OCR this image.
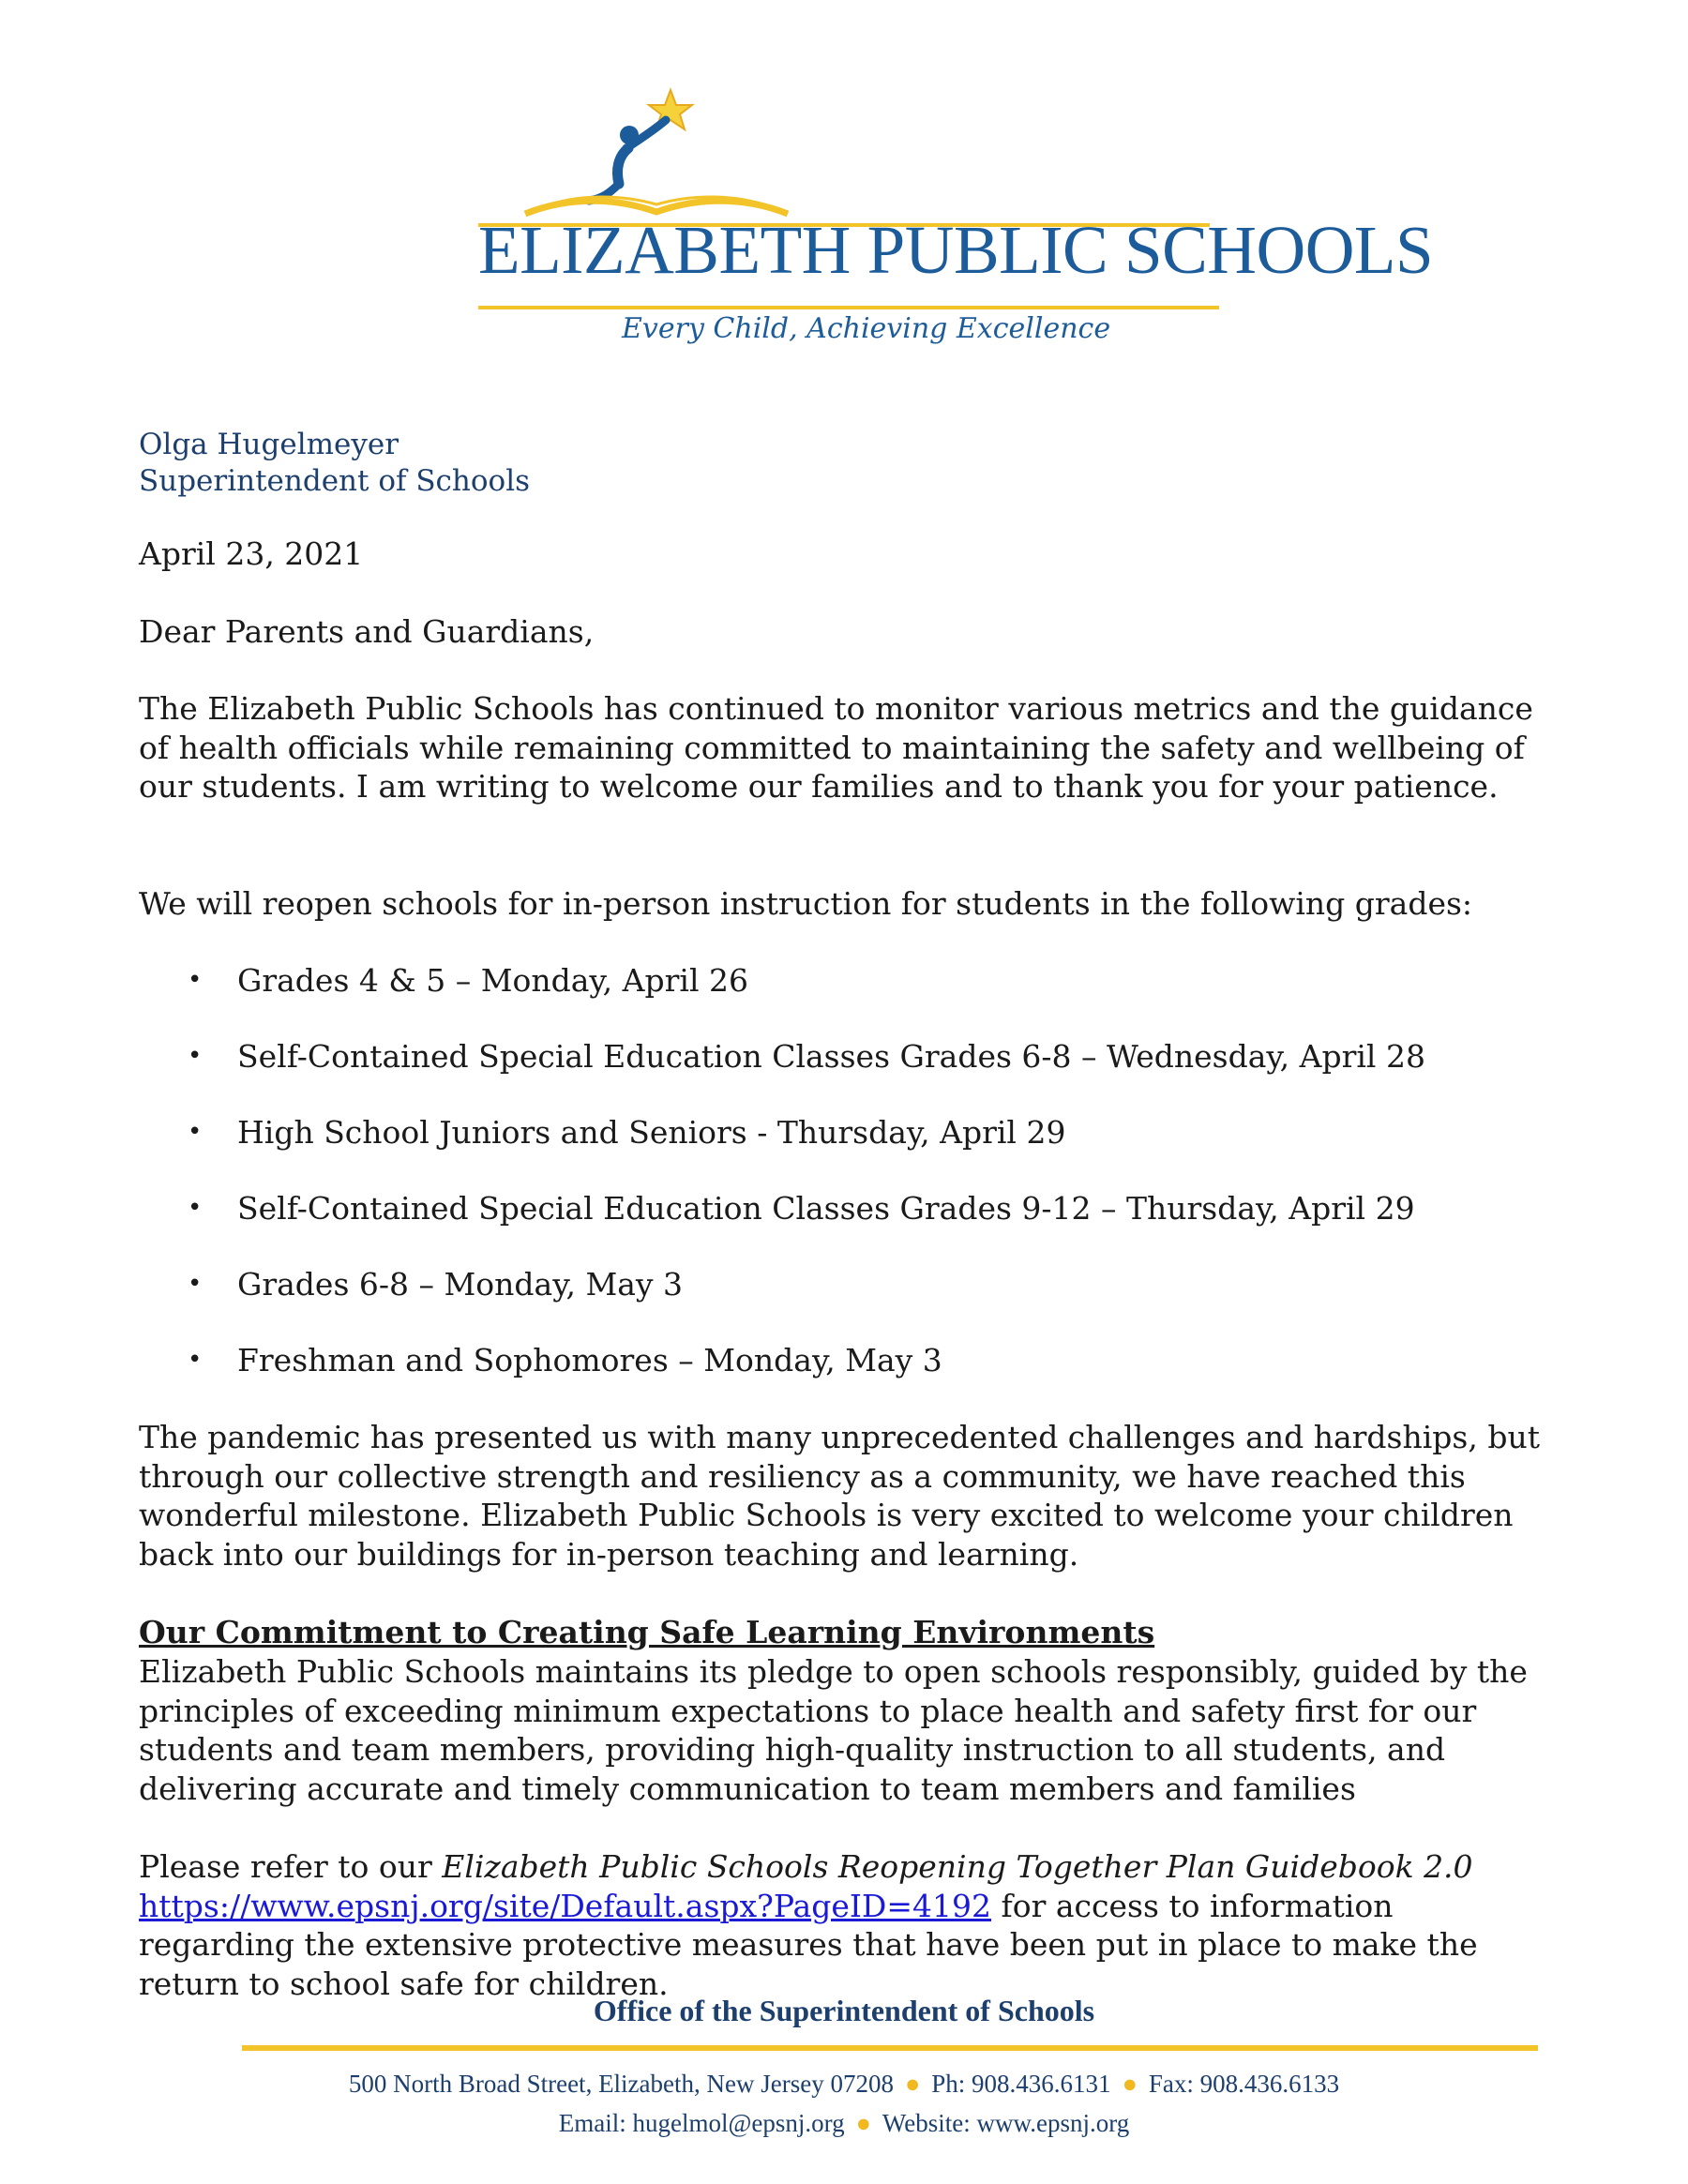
ELIZABETH PUBLIC SCHOOLS
Every Child, Achieving Excellence
Olga Hugelmeyer
Superintendent of Schools
April 23, 2021
Dear Parents and Guardians,
The Elizabeth Public Schools has continued to monitor various metrics and the guidance of health officials while remaining committed to maintaining the safety and wellbeing of our students. I am writing to welcome our families and to thank you for your patience.
We will reopen schools for in-person instruction for students in the following grades:
• Grades 4 & 5 – Monday, April 26
• Self-Contained Special Education Classes Grades 6-8 – Wednesday, April 28
• High School Juniors and Seniors - Thursday, April 29
• Self-Contained Special Education Classes Grades 9-12 – Thursday, April 29
• Grades 6-8 – Monday, May 3
• Freshman and Sophomores – Monday, May 3
The pandemic has presented us with many unprecedented challenges and hardships, but through our collective strength and resiliency as a community, we have reached this wonderful milestone. Elizabeth Public Schools is very excited to welcome your children back into our buildings for in-person teaching and learning.
Our Commitment to Creating Safe Learning Environments
Elizabeth Public Schools maintains its pledge to open schools responsibly, guided by the principles of exceeding minimum expectations to place health and safety first for our students and team members, providing high-quality instruction to all students, and delivering accurate and timely communication to team members and families
Please refer to our Elizabeth Public Schools Reopening Together Plan Guidebook 2.0 https://www.epsnj.org/site/Default.aspx?PageID=4192 for access to information regarding the extensive protective measures that have been put in place to make the return to school safe for children.
Office of the Superintendent of Schools
500 North Broad Street, Elizabeth, New Jersey 07208 ● Ph: 908.436.6131 ● Fax: 908.436.6133
Email: hugelmol@epsnj.org ● Website: www.epsnj.org
